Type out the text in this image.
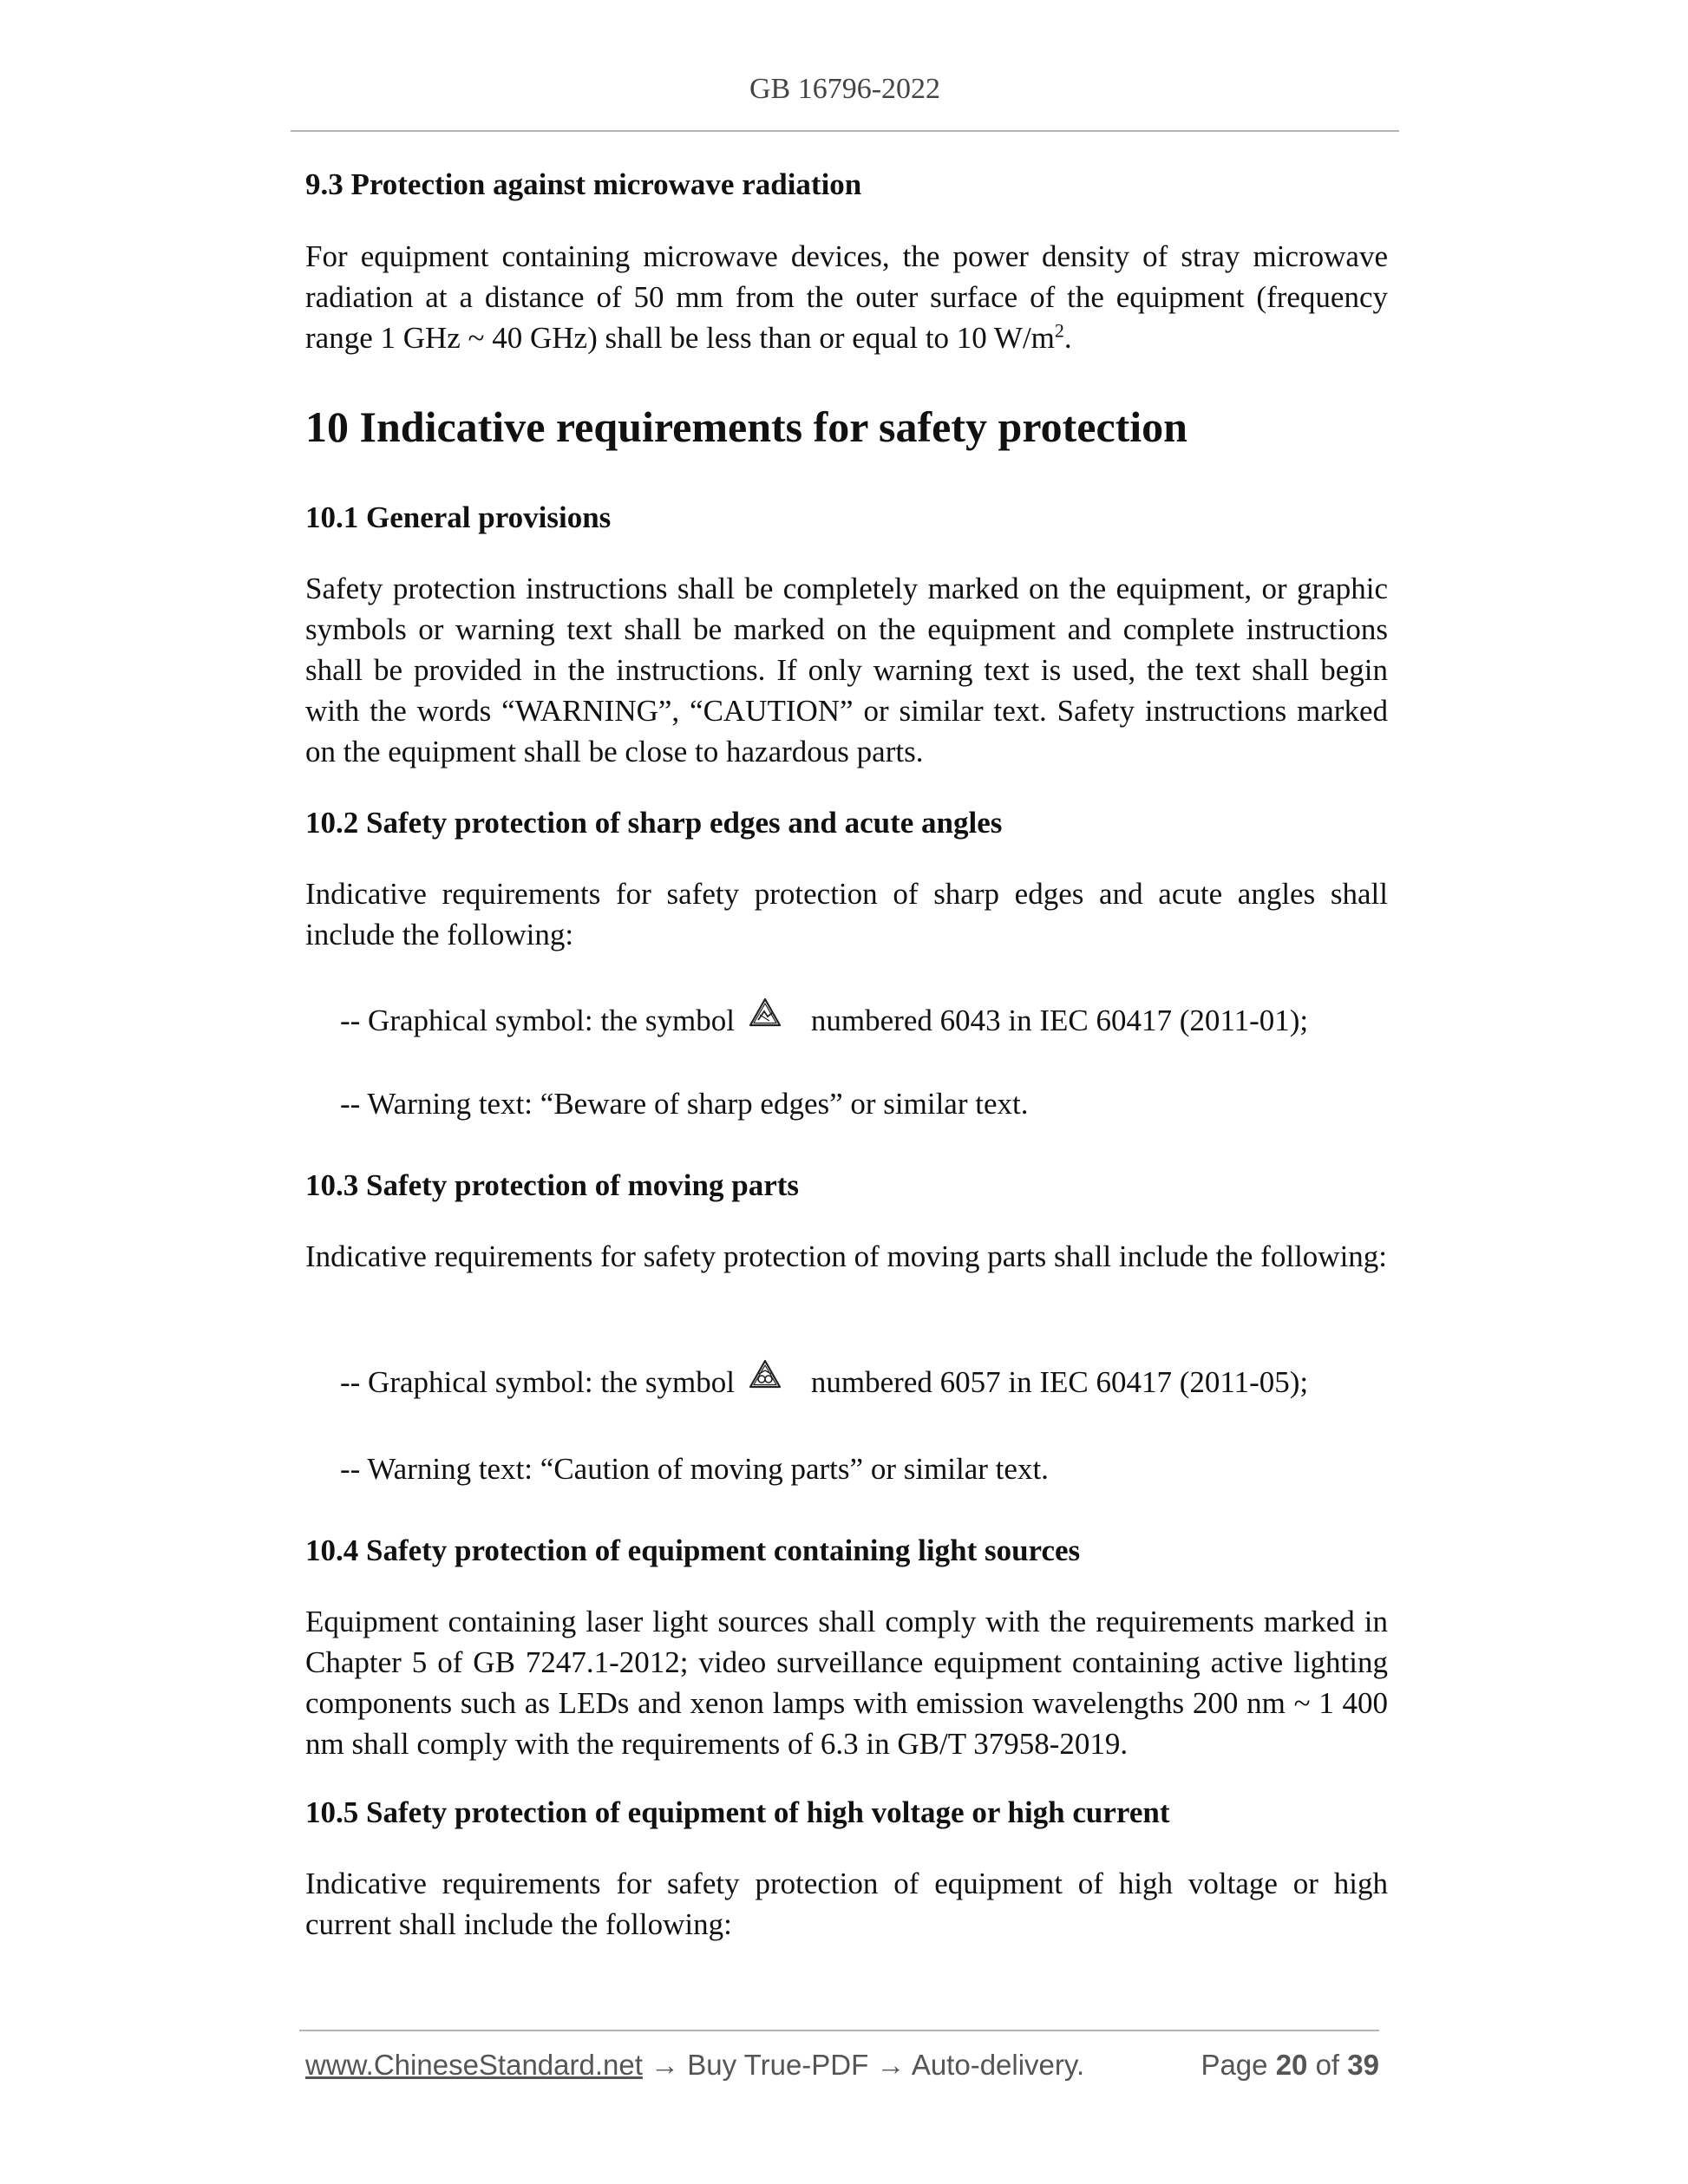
GB 16796-2022
9.3 Protection against microwave radiation
For equipment containing microwave devices, the power density of stray microwave radiation at a distance of 50 mm from the outer surface of the equipment (frequency range 1 GHz ~ 40 GHz) shall be less than or equal to 10 $W/m^2$.
10 Indicative requirements for safety protection
10.1 General provisions
Safety protection instructions shall be completely marked on the equipment, or graphic symbols or warning text shall be marked on the equipment and complete instructions shall be provided in the instructions. If only warning text is used, the text shall begin with the words “WARNING”, “CAUTION” or similar text. Safety instructions marked on the equipment shall be close to hazardous parts.
10.2 Safety protection of sharp edges and acute angles
Indicative requirements for safety protection of sharp edges and acute angles shall include the following:
-- Graphical symbol: the symbol	numbered 6043 in IEC 60417 (2011-01);
-- Warning text: “Beware of sharp edges” or similar text.
10.3 Safety protection of moving parts
Indicative requirements for safety protection of moving parts shall include the following:
-- Graphical symbol: the symbol	numbered 6057 in IEC 60417 (2011-05);
-- Warning text: “Caution of moving parts” or similar text.
10.4 Safety protection of equipment containing light sources
Equipment containing laser light sources shall comply with the requirements marked in Chapter 5 of GB 7247.1-2012; video surveillance equipment containing active lighting components such as LEDs and xenon lamps with emission wavelengths 200 nm ~ 1 400 nm shall comply with the requirements of 6.3 in GB/T 37958-2019.
10.5 Safety protection of equipment of high voltage or high current
Indicative requirements for safety protection of equipment of high voltage or high current shall include the following:
www.ChineseStandard.net → Buy True-PDF → Auto-delivery.	Page 20 of 39
